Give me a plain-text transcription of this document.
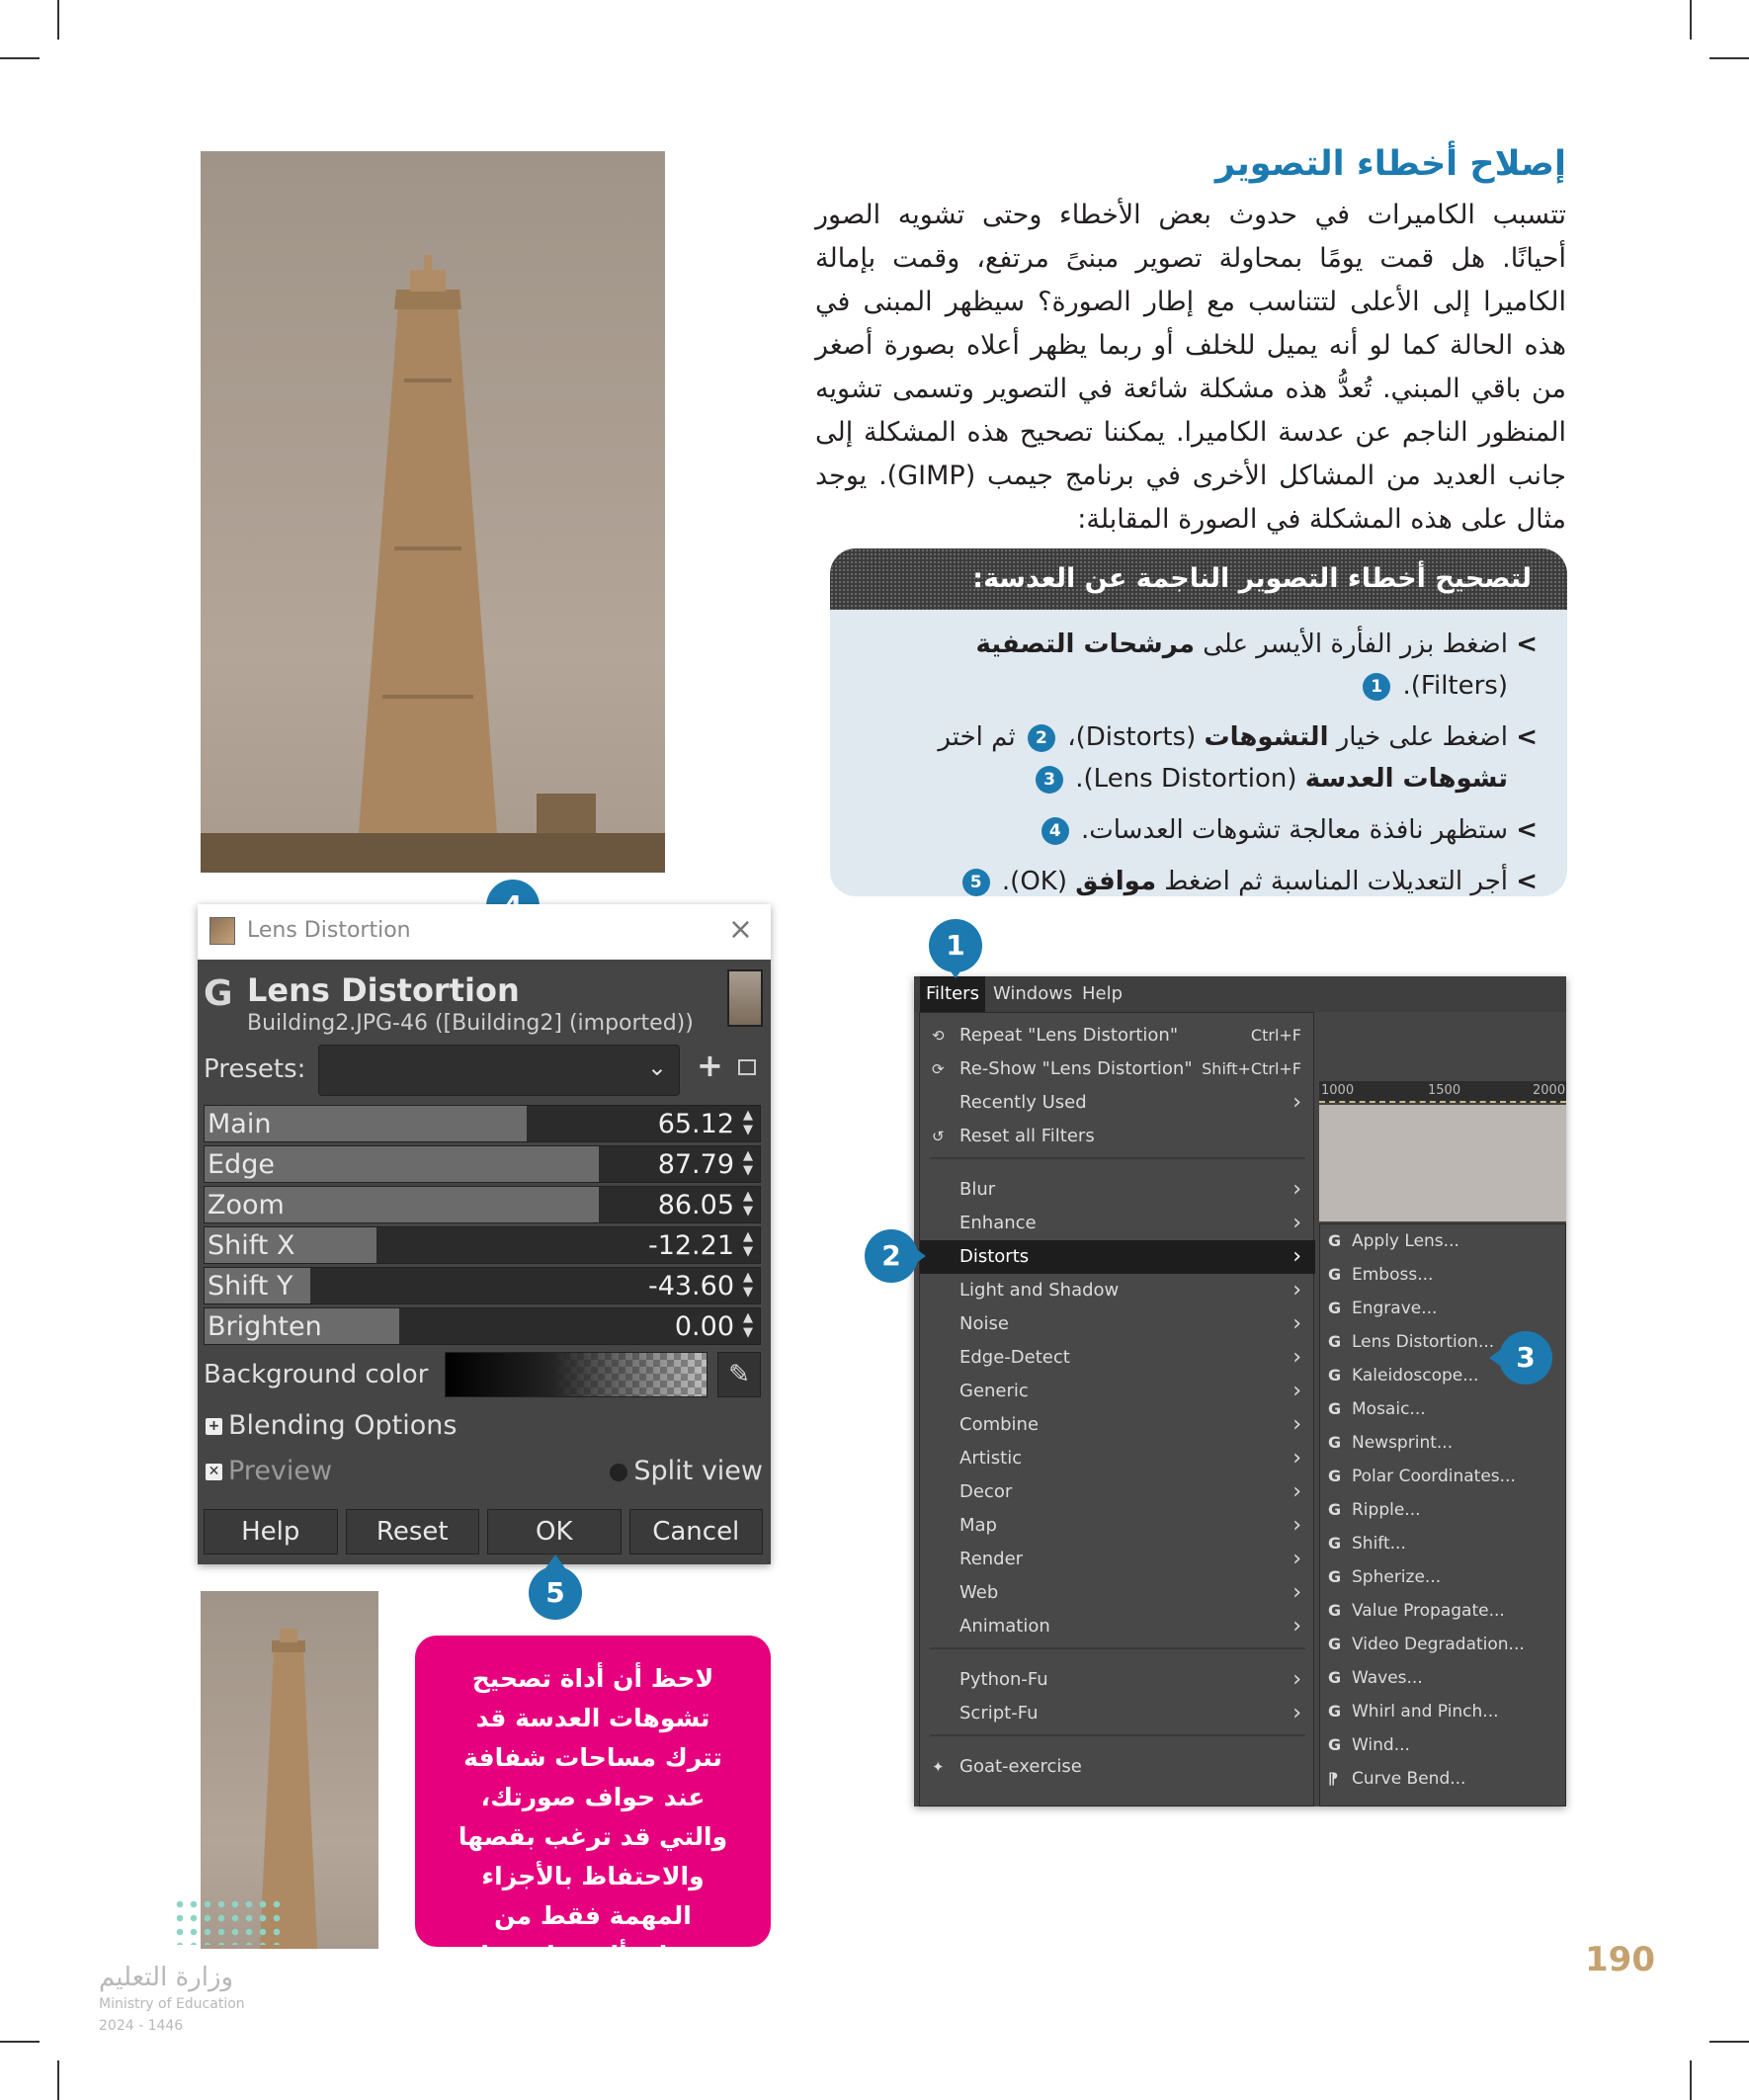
إصلاح أخطاء التصوير

تتسبب الكاميرات في حدوث بعض الأخطاء وحتى تشويه الصور أحيانًا. هل قمت يومًا بمحاولة تصوير مبنىً مرتفع، وقمت بإمالة الكاميرا إلى الأعلى لتتناسب مع إطار الصورة؟ سيظهر المبنى في هذه الحالة كما لو أنه يميل للخلف أو ربما يظهر أعلاه بصورة أصغر من باقي المبني. تُعدُّ هذه مشكلة شائعة في التصوير وتسمى تشويه المنظور الناجم عن عدسة الكاميرا. يمكننا تصحيح هذه المشكلة إلى جانب العديد من المشاكل الأخرى في برنامج جيمب (GIMP). يوجد مثال على هذه المشكلة في الصورة المقابلة:

لتصحيح أخطاء التصوير الناجمة عن العدسة:
> اضغط بزر الفأرة الأيسر على مرشحات التصفية (Filters). 1
> اضغط على خيار التشوهات (Distorts)، 2 ثم اختر تشوهات العدسة (Lens Distortion). 3
> ستظهر نافذة معالجة تشوهات العدسات. 4
> أجرِ التعديلات المناسبة ثم اضغط موافق (OK). 5
Lens Distortion	×
G Lens Distortion
Building2.JPG-46 ([Building2] (imported))
Presets:	⌄ +
Main	65.12 ▲
▼
Edge	87.79 ▲
▼
Zoom	86.05 ▲
▼
Shift X	-12.21 ▲
▼
Shift Y	-43.60 ▲
▼
Brighten	0.00 ▲
▼
Background color	✎
+ Blending Options
✕ Preview	Split view
Help	Reset	OK	Cancel
5
لاحظ أن أداة تصحيح تشوهات العدسة قد تترك مساحات شفافة عند حواف صورتك، والتي قد ترغب بقصها والاحتفاظ بالأجزاء المهمة فقط من صورتك. ألقِ نظرة على النتيجة النهائية.
Filters Windows Help
1000	1500	2000
⟲ Repeat "Lens Distortion"	Ctrl+F
⟳ Re-Show "Lens Distortion" Shift+Ctrl+F
Recently Used	›
↺ Reset all Filters
Blur	›
Enhance	›
Distorts	›
Light and Shadow	›
Noise	›
Edge-Detect	›
Generic	›
Combine	›
Artistic	›
Decor	›
Map	›
Render	›
Web	›
Animation	›
Python-Fu	›
Script-Fu	›
✦ Goat-exercise
G Apply Lens...
G Emboss...
G Engrave...
G Lens Distortion...
G Kaleidoscope...
G Mosaic...
G Newsprint...
G Polar Coordinates...
G Ripple...
G Shift...
G Spherize...
G Value Propagate...
G Video Degradation...
G Waves...
G Whirl and Pinch...
G Wind...
⁋ Curve Bend...
1
2
3
190
وزارة التعليم
Ministry of Education
2024 - 1446
